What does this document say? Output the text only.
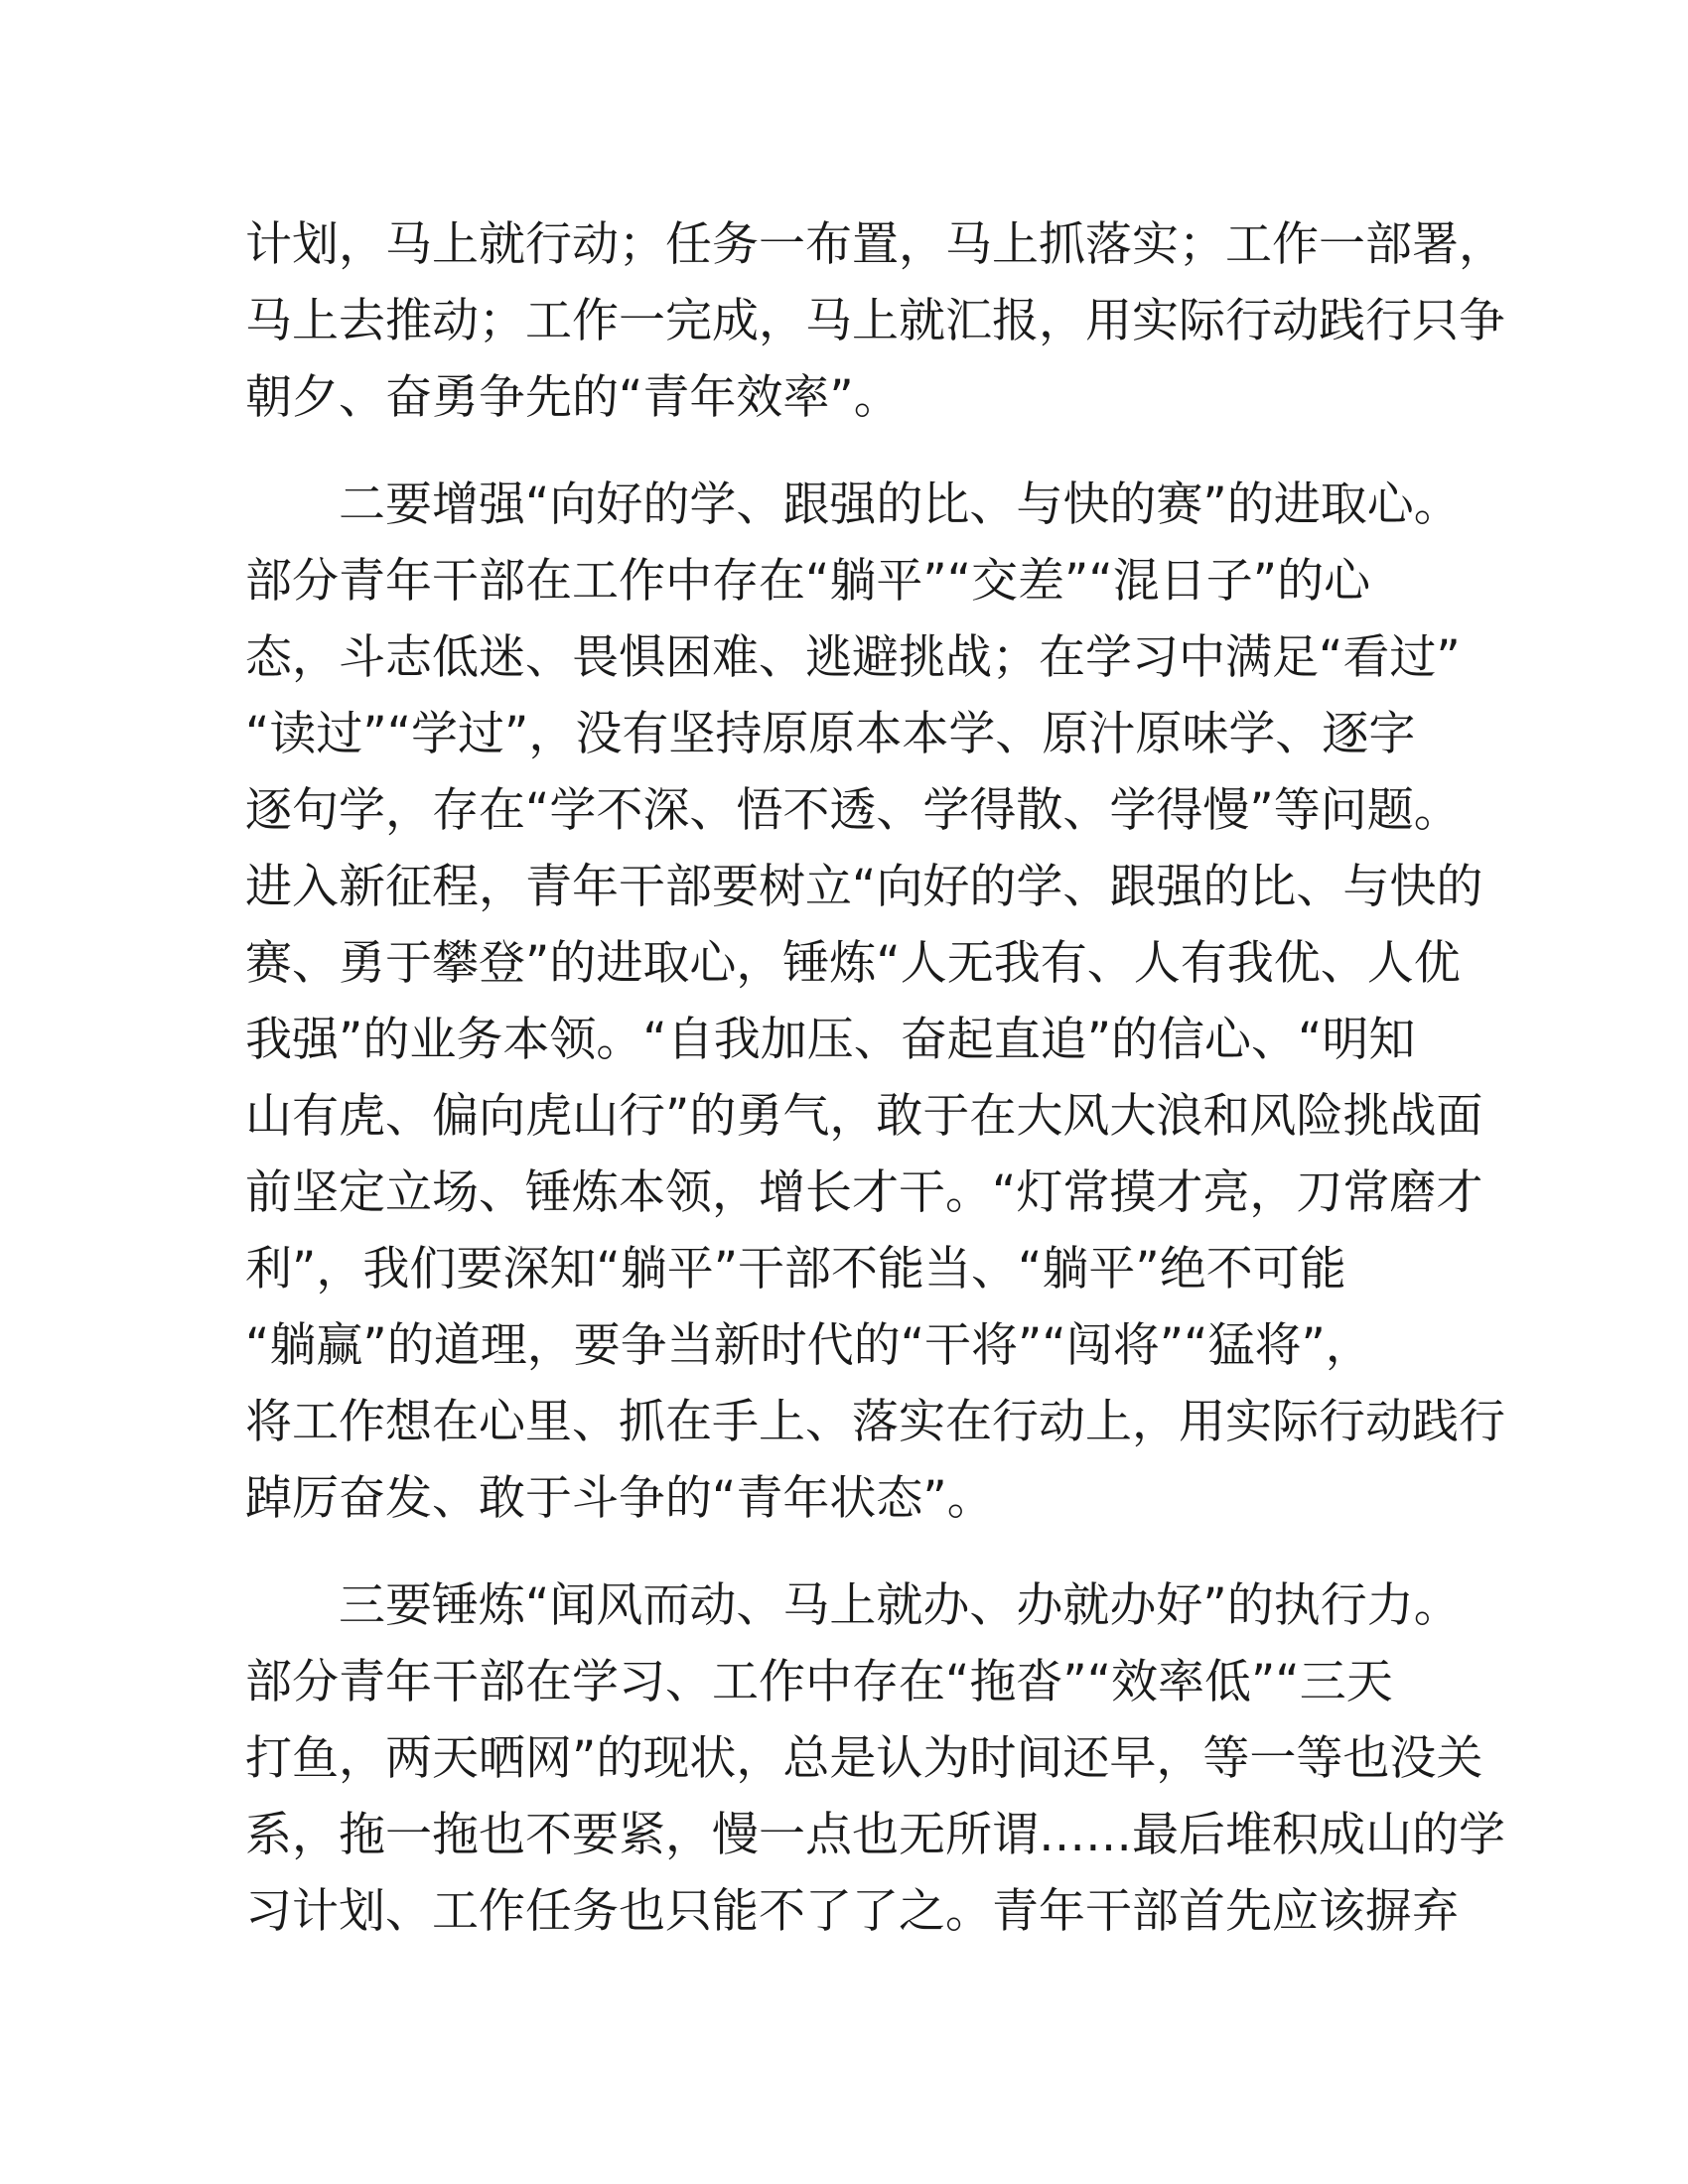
计划，马上就行动；任务一布置，马上抓落实；工作一部署，
马上去推动；工作一完成，马上就汇报，用实际行动践行只争
朝夕、奋勇争先的“青年效率”。
二要增强“向好的学、跟强的比、与快的赛”的进取心。
部分青年干部在工作中存在“躺平”“交差”“混日子”的心
态，斗志低迷、畏惧困难、逃避挑战；在学习中满足“看过”
“读过”“学过”，没有坚持原原本本学、原汁原味学、逐字
逐句学，存在“学不深、悟不透、学得散、学得慢”等问题。
进入新征程，青年干部要树立“向好的学、跟强的比、与快的
赛、勇于攀登”的进取心，锤炼“人无我有、人有我优、人优
我强”的业务本领。“自我加压、奋起直追”的信心、“明知
山有虎、偏向虎山行”的勇气，敢于在大风大浪和风险挑战面
前坚定立场、锤炼本领，增长才干。“灯常摸才亮，刀常磨才
利”，我们要深知“躺平”干部不能当、“躺平”绝不可能
“躺赢”的道理，要争当新时代的“干将”“闯将”“猛将”，
将工作想在心里、抓在手上、落实在行动上，用实际行动践行
踔厉奋发、敢于斗争的“青年状态”。
三要锤炼“闻风而动、马上就办、办就办好”的执行力。
部分青年干部在学习、工作中存在“拖沓”“效率低”“三天
打鱼，两天晒网”的现状，总是认为时间还早，等一等也没关
系，拖一拖也不要紧，慢一点也无所谓……最后堆积成山的学
习计划、工作任务也只能不了了之。青年干部首先应该摒弃
